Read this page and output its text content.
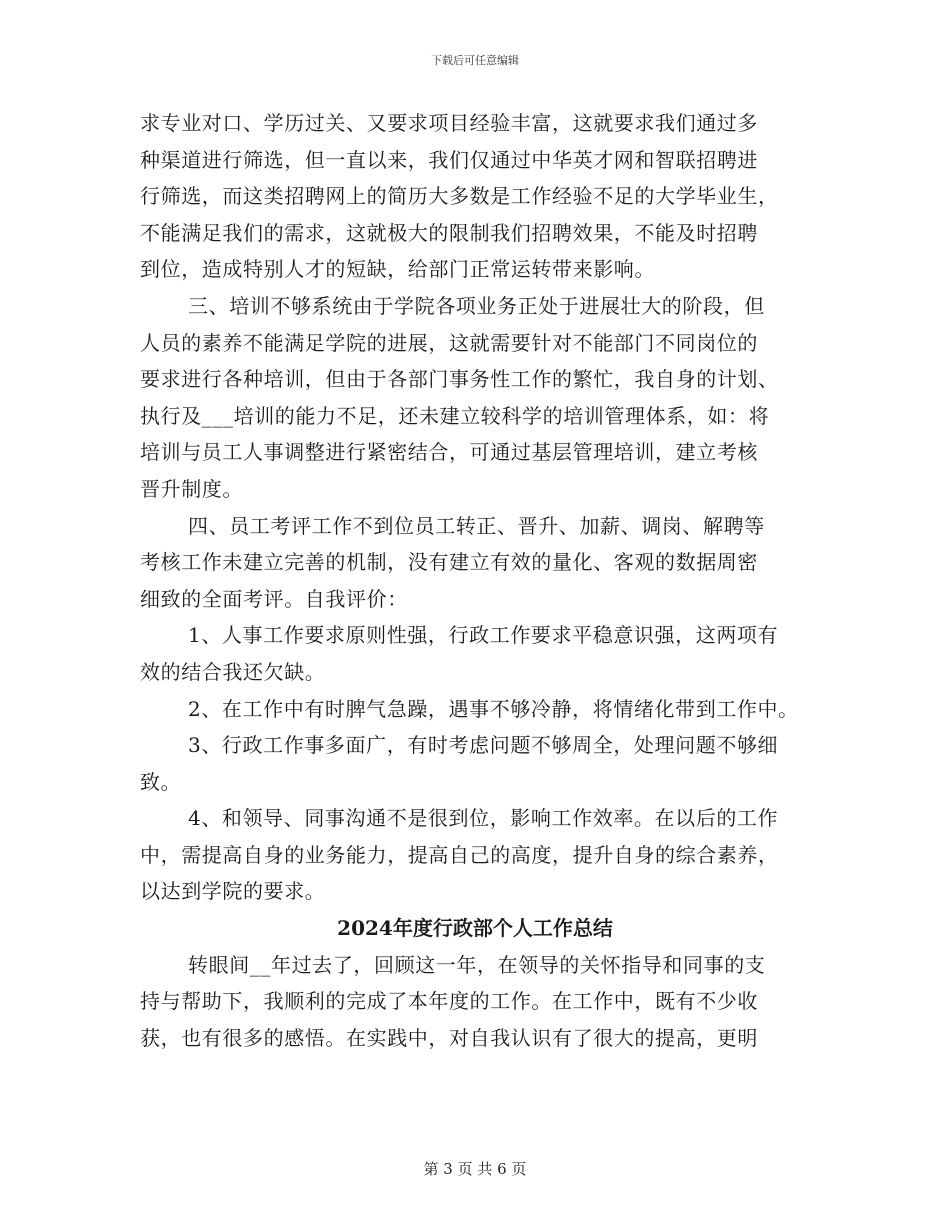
下载后可任意编辑
求专业对口、学历过关、又要求项目经验丰富，这就要求我们通过多
种渠道进行筛选，但一直以来，我们仅通过中华英才网和智联招聘进
行筛选，而这类招聘网上的简历大多数是工作经验不足的大学毕业生，
不能满足我们的需求，这就极大的限制我们招聘效果，不能及时招聘
到位，造成特别人才的短缺，给部门正常运转带来影响。
三、培训不够系统由于学院各项业务正处于进展壮大的阶段，但
人员的素养不能满足学院的进展，这就需要针对不能部门不同岗位的
要求进行各种培训，但由于各部门事务性工作的繁忙，我自身的计划、
执行及___培训的能力不足，还未建立较科学的培训管理体系，如：将
培训与员工人事调整进行紧密结合，可通过基层管理培训，建立考核
晋升制度。
四、员工考评工作不到位员工转正、晋升、加薪、调岗、解聘等
考核工作未建立完善的机制，没有建立有效的量化、客观的数据周密
细致的全面考评。自我评价：
1、人事工作要求原则性强，行政工作要求平稳意识强，这两项有
效的结合我还欠缺。
2、在工作中有时脾气急躁，遇事不够冷静，将情绪化带到工作中。
3、行政工作事多面广，有时考虑问题不够周全，处理问题不够细
致。
4、和领导、同事沟通不是很到位，影响工作效率。在以后的工作
中，需提高自身的业务能力，提高自己的高度，提升自身的综合素养，
以达到学院的要求。
2024年度行政部个人工作总结
转眼间__年过去了，回顾这一年，在领导的关怀指导和同事的支
持与帮助下，我顺利的完成了本年度的工作。在工作中，既有不少收
获，也有很多的感悟。在实践中，对自我认识有了很大的提高，更明
第 3 页 共 6 页
